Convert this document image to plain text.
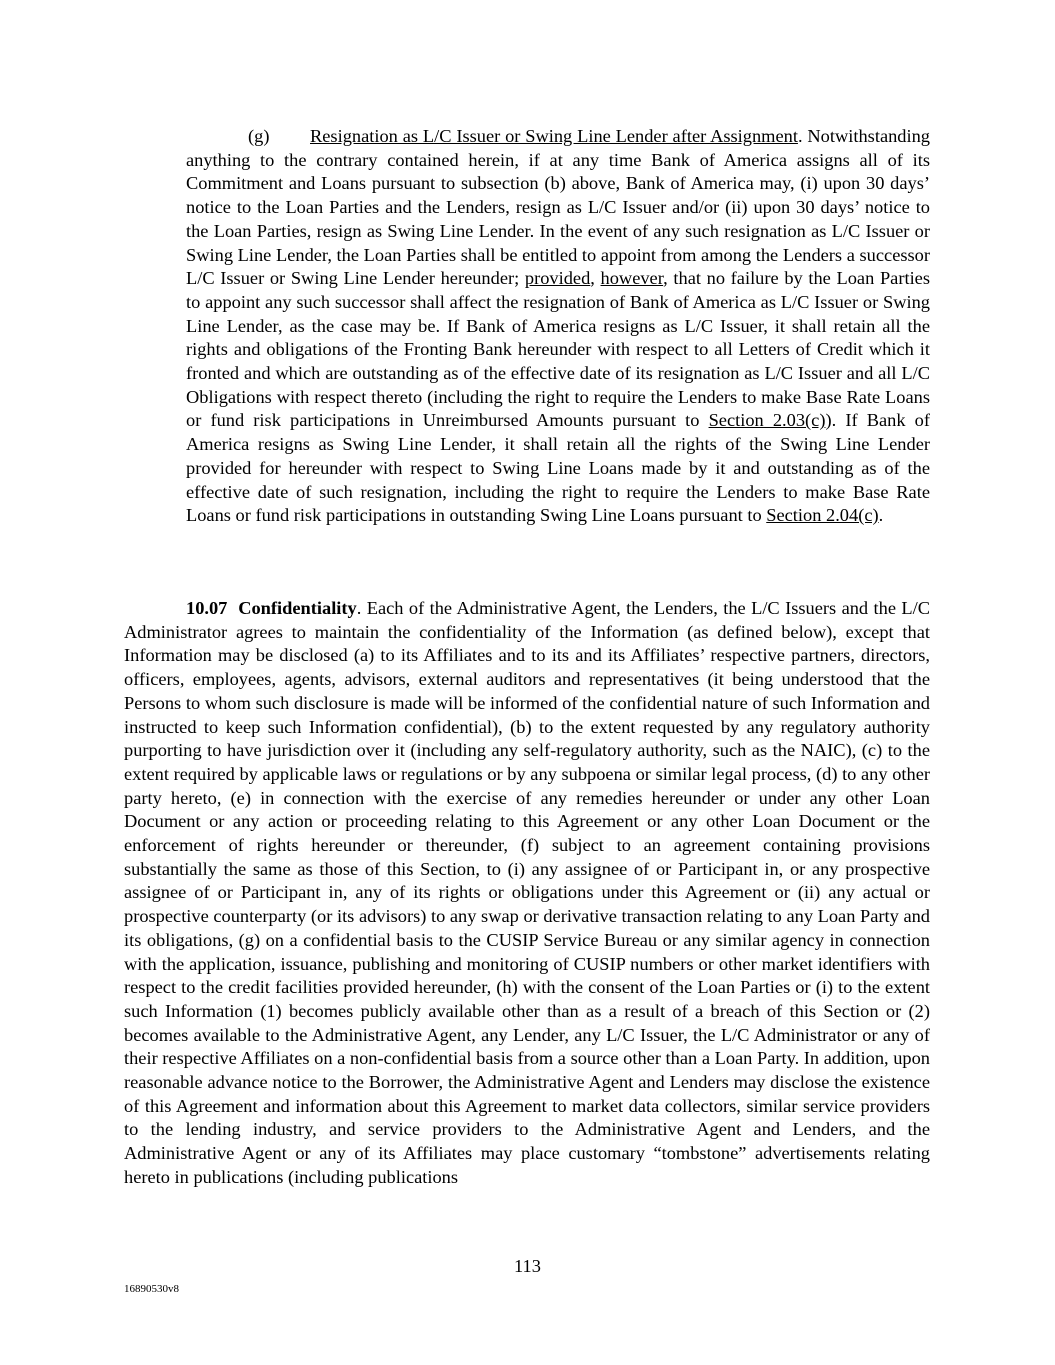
(g) Resignation as L/C Issuer or Swing Line Lender after Assignment. Notwithstanding anything to the contrary contained herein, if at any time Bank of America assigns all of its Commitment and Loans pursuant to subsection (b) above, Bank of America may, (i) upon 30 days’ notice to the Loan Parties and the Lenders, resign as L/C Issuer and/or (ii) upon 30 days’ notice to the Loan Parties, resign as Swing Line Lender. In the event of any such resignation as L/C Issuer or Swing Line Lender, the Loan Parties shall be entitled to appoint from among the Lenders a successor L/C Issuer or Swing Line Lender hereunder; provided, however, that no failure by the Loan Parties to appoint any such successor shall affect the resignation of Bank of America as L/C Issuer or Swing Line Lender, as the case may be. If Bank of America resigns as L/C Issuer, it shall retain all the rights and obligations of the Fronting Bank hereunder with respect to all Letters of Credit which it fronted and which are outstanding as of the effective date of its resignation as L/C Issuer and all L/C Obligations with respect thereto (including the right to require the Lenders to make Base Rate Loans or fund risk participations in Unreimbursed Amounts pursuant to Section 2.03(c)). If Bank of America resigns as Swing Line Lender, it shall retain all the rights of the Swing Line Lender provided for hereunder with respect to Swing Line Loans made by it and outstanding as of the effective date of such resignation, including the right to require the Lenders to make Base Rate Loans or fund risk participations in outstanding Swing Line Loans pursuant to Section 2.04(c).

10.07 Confidentiality. Each of the Administrative Agent, the Lenders, the L/C Issuers and the L/C Administrator agrees to maintain the confidentiality of the Information (as defined below), except that Information may be disclosed (a) to its Affiliates and to its and its Affiliates’ respective partners, directors, officers, employees, agents, advisors, external auditors and representatives (it being understood that the Persons to whom such disclosure is made will be informed of the confidential nature of such Information and instructed to keep such Information confidential), (b) to the extent requested by any regulatory authority purporting to have jurisdiction over it (including any self-regulatory authority, such as the NAIC), (c) to the extent required by applicable laws or regulations or by any subpoena or similar legal process, (d) to any other party hereto, (e) in connection with the exercise of any remedies hereunder or under any other Loan Document or any action or proceeding relating to this Agreement or any other Loan Document or the enforcement of rights hereunder or thereunder, (f) subject to an agreement containing provisions substantially the same as those of this Section, to (i) any assignee of or Participant in, or any prospective assignee of or Participant in, any of its rights or obligations under this Agreement or (ii) any actual or prospective counterparty (or its advisors) to any swap or derivative transaction relating to any Loan Party and its obligations, (g) on a confidential basis to the CUSIP Service Bureau or any similar agency in connection with the application, issuance, publishing and monitoring of CUSIP numbers or other market identifiers with respect to the credit facilities provided hereunder, (h) with the consent of the Loan Parties or (i) to the extent such Information (1) becomes publicly available other than as a result of a breach of this Section or (2) becomes available to the Administrative Agent, any Lender, any L/C Issuer, the L/C Administrator or any of their respective Affiliates on a non-confidential basis from a source other than a Loan Party. In addition, upon reasonable advance notice to the Borrower, the Administrative Agent and Lenders may disclose the existence of this Agreement and information about this Agreement to market data collectors, similar service providers to the lending industry, and service providers to the Administrative Agent and Lenders, and the Administrative Agent or any of its Affiliates may place customary “tombstone” advertisements relating hereto in publications (including publications

113

16890530v8
